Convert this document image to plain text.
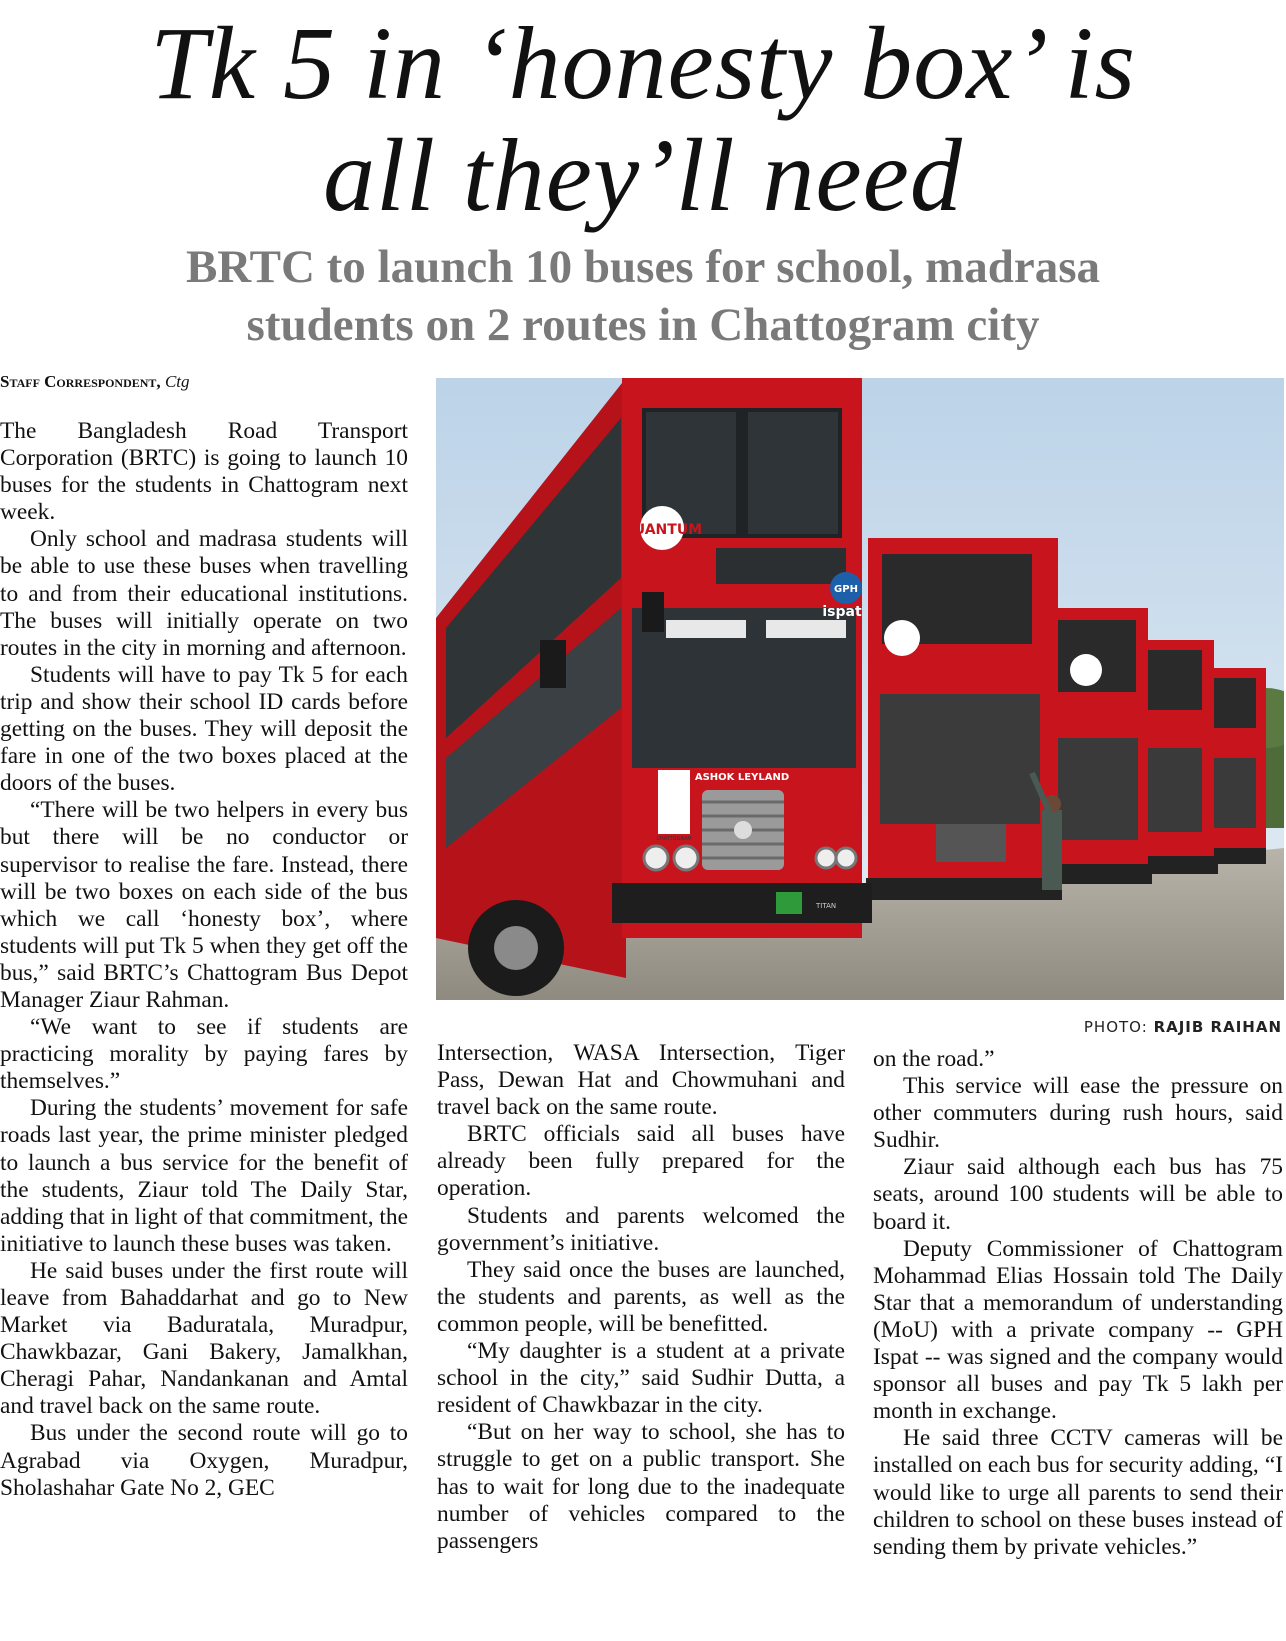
Tk 5 in ‘honesty box’ is
all they’ll need
BRTC to launch 10 buses for school, madrasa
students on 2 routes in Chattogram city
Staff Correspondent, Ctg

The Bangladesh Road Transport Corporation (BRTC) is going to launch 10 buses for the students in Chattogram next week.

Only school and madrasa students will be able to use these buses when travelling to and from their educational institutions. The buses will initially operate on two routes in the city in morning and afternoon.

Students will have to pay Tk 5 for each trip and show their school ID cards before getting on the buses. They will deposit the fare in one of the two boxes placed at the doors of the buses.

“There will be two helpers in every bus but there will be no conductor or supervisor to realise the fare. Instead, there will be two boxes on each side of the bus which we call ‘honesty box’, where students will put Tk 5 when they get off the bus,” said BRTC’s Chattogram Bus Depot Manager Ziaur Rahman.

“We want to see if students are practicing morality by paying fares by themselves.”

During the students’ movement for safe roads last year, the prime minister pledged to launch a bus service for the benefit of the students, Ziaur told The Daily Star, adding that in light of that commitment, the initiative to launch these buses was taken.

He said buses under the first route will leave from Bahaddarhat and go to New Market via Baduratala, Muradpur, Chawkbazar, Gani Bakery, Jamalkhan, Cheragi Pahar, Nandankanan and Amtal and travel back on the same route.

Bus under the second route will go to Agrabad via Oxygen, Muradpur, Sholashahar Gate No 2, GEC

QUANTUM
GPH
ispat
ASHOK LEYLAND
CHATTOGRAM
TITAN
PHOTO: RAJIB RAIHAN

Intersection, WASA Intersection, Tiger Pass, Dewan Hat and Chowmuhani and travel back on the same route.

BRTC officials said all buses have already been fully prepared for the operation.

Students and parents welcomed the government’s initiative.

They said once the buses are launched, the students and parents, as well as the common people, will be benefitted.

“My daughter is a student at a private school in the city,” said Sudhir Dutta, a resident of Chawkbazar in the city.

“But on her way to school, she has to struggle to get on a public transport. She has to wait for long due to the inadequate number of vehicles compared to the passengers

on the road.”

This service will ease the pressure on other commuters during rush hours, said Sudhir.

Ziaur said although each bus has 75 seats, around 100 students will be able to board it.

Deputy Commissioner of Chattogram Mohammad Elias Hossain told The Daily Star that a memorandum of understanding (MoU) with a private company -- GPH Ispat -- was signed and the company would sponsor all buses and pay Tk 5 lakh per month in exchange.

He said three CCTV cameras will be installed on each bus for security adding, “I would like to urge all parents to send their children to school on these buses instead of sending them by private vehicles.”
